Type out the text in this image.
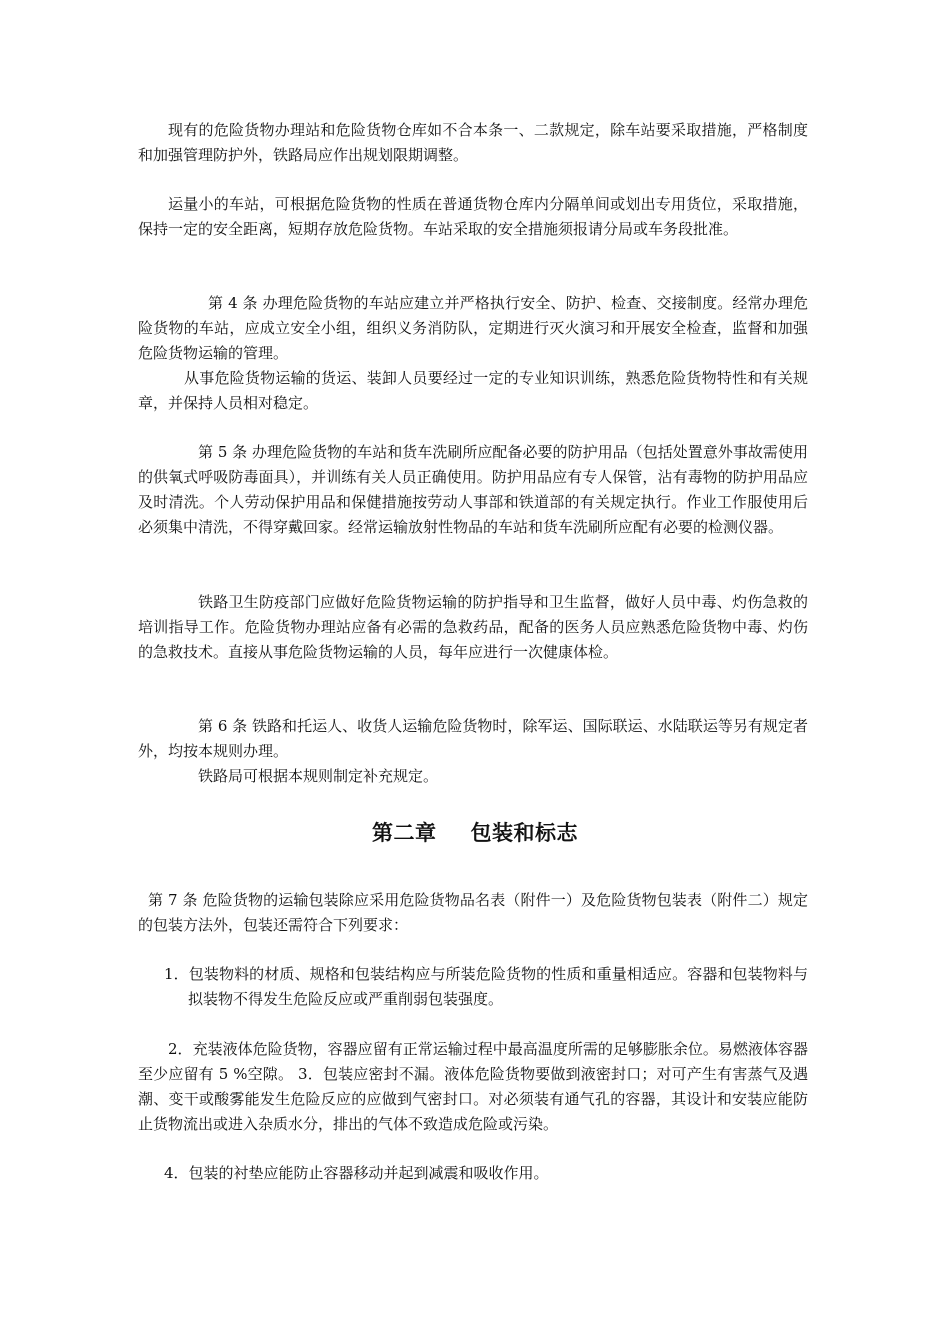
现有的危险货物办理站和危险货物仓库如不合本条一、二款规定，除车站要采取措施，严格制度和加强管理防护外，铁路局应作出规划限期调整。

运量小的车站，可根据危险货物的性质在普通货物仓库内分隔单间或划出专用货位，采取措施，保持一定的安全距离，短期存放危险货物。车站采取的安全措施须报请分局或车务段批准。

第 4 条 办理危险货物的车站应建立并严格执行安全、防护、检查、交接制度。经常办理危险货物的车站，应成立安全小组，组织义务消防队，定期进行灭火演习和开展安全检查，监督和加强危险货物运输的管理。

从事危险货物运输的货运、装卸人员要经过一定的专业知识训练，熟悉危险货物特性和有关规章，并保持人员相对稳定。

第 5 条 办理危险货物的车站和货车洗刷所应配备必要的防护用品（包括处置意外事故需使用的供氧式呼吸防毒面具），并训练有关人员正确使用。防护用品应有专人保管，沾有毒物的防护用品应及时清洗。个人劳动保护用品和保健措施按劳动人事部和铁道部的有关规定执行。作业工作服使用后必须集中清洗，不得穿戴回家。经常运输放射性物品的车站和货车洗刷所应配有必要的检测仪器。

铁路卫生防疫部门应做好危险货物运输的防护指导和卫生监督，做好人员中毒、灼伤急救的培训指导工作。危险货物办理站应备有必需的急救药品，配备的医务人员应熟悉危险货物中毒、灼伤的急救技术。直接从事危险货物运输的人员，每年应进行一次健康体检。

第 6 条 铁路和托运人、收货人运输危险货物时，除军运、国际联运、水陆联运等另有规定者外，均按本规则办理。

铁路局可根据本规则制定补充规定。

第二章 包装和标志

第 7 条 危险货物的运输包装除应采用危险货物品名表（附件一）及危险货物包装表（附件二）规定的包装方法外，包装还需符合下列要求：

1．包装物料的材质、规格和包装结构应与所装危险货物的性质和重量相适应。容器和包装物料与拟装物不得发生危险反应或严重削弱包装强度。

2．充装液体危险货物，容器应留有正常运输过程中最高温度所需的足够膨胀余位。易燃液体容器至少应留有 5 %空隙。 3．包装应密封不漏。液体危险货物要做到液密封口；对可产生有害蒸气及遇潮、变干或酸雾能发生危险反应的应做到气密封口。对必须装有通气孔的容器，其设计和安装应能防止货物流出或进入杂质水分，排出的气体不致造成危险或污染。

4．包装的衬垫应能防止容器移动并起到减震和吸收作用。
